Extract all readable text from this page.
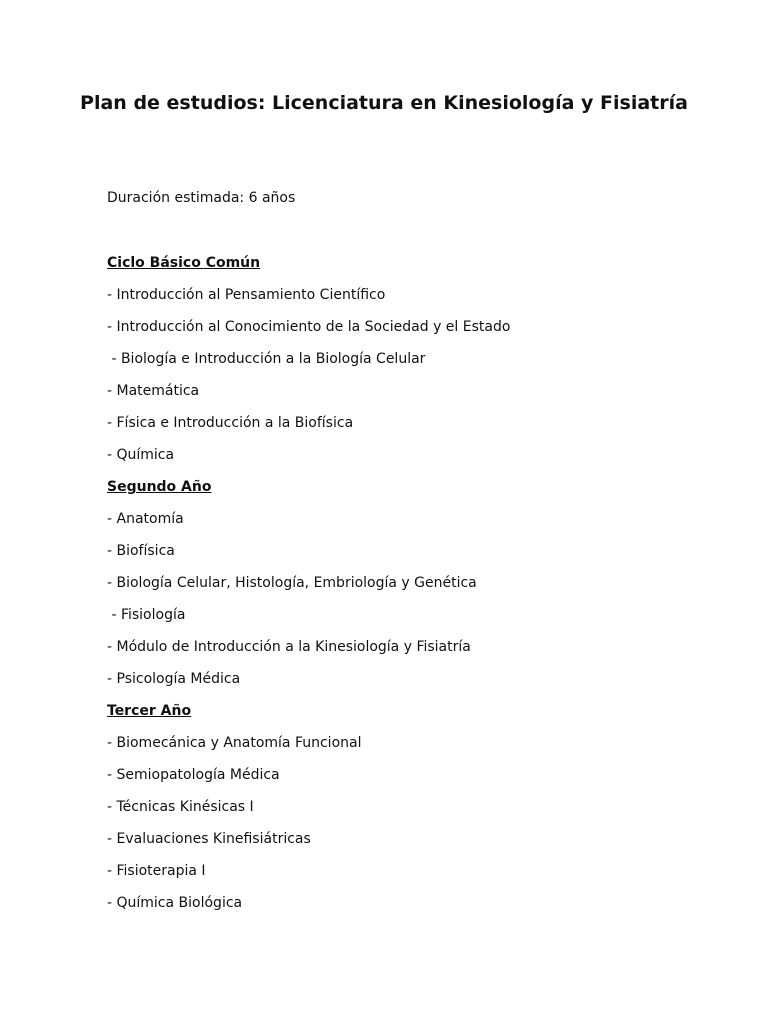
Plan de estudios: Licenciatura en Kinesiología y Fisiatría

Duración estimada: 6 años

Ciclo Básico Común

- Introducción al Pensamiento Científico

- Introducción al Conocimiento de la Sociedad y el Estado

- Biología e Introducción a la Biología Celular

- Matemática

- Física e Introducción a la Biofísica

- Química

Segundo Año

- Anatomía

- Biofísica

- Biología Celular, Histología, Embriología y Genética

- Fisiología

- Módulo de Introducción a la Kinesiología y Fisiatría

- Psicología Médica

Tercer Año

- Biomecánica y Anatomía Funcional

- Semiopatología Médica

- Técnicas Kinésicas I

- Evaluaciones Kinefisiátricas

- Fisioterapia I

- Química Biológica
